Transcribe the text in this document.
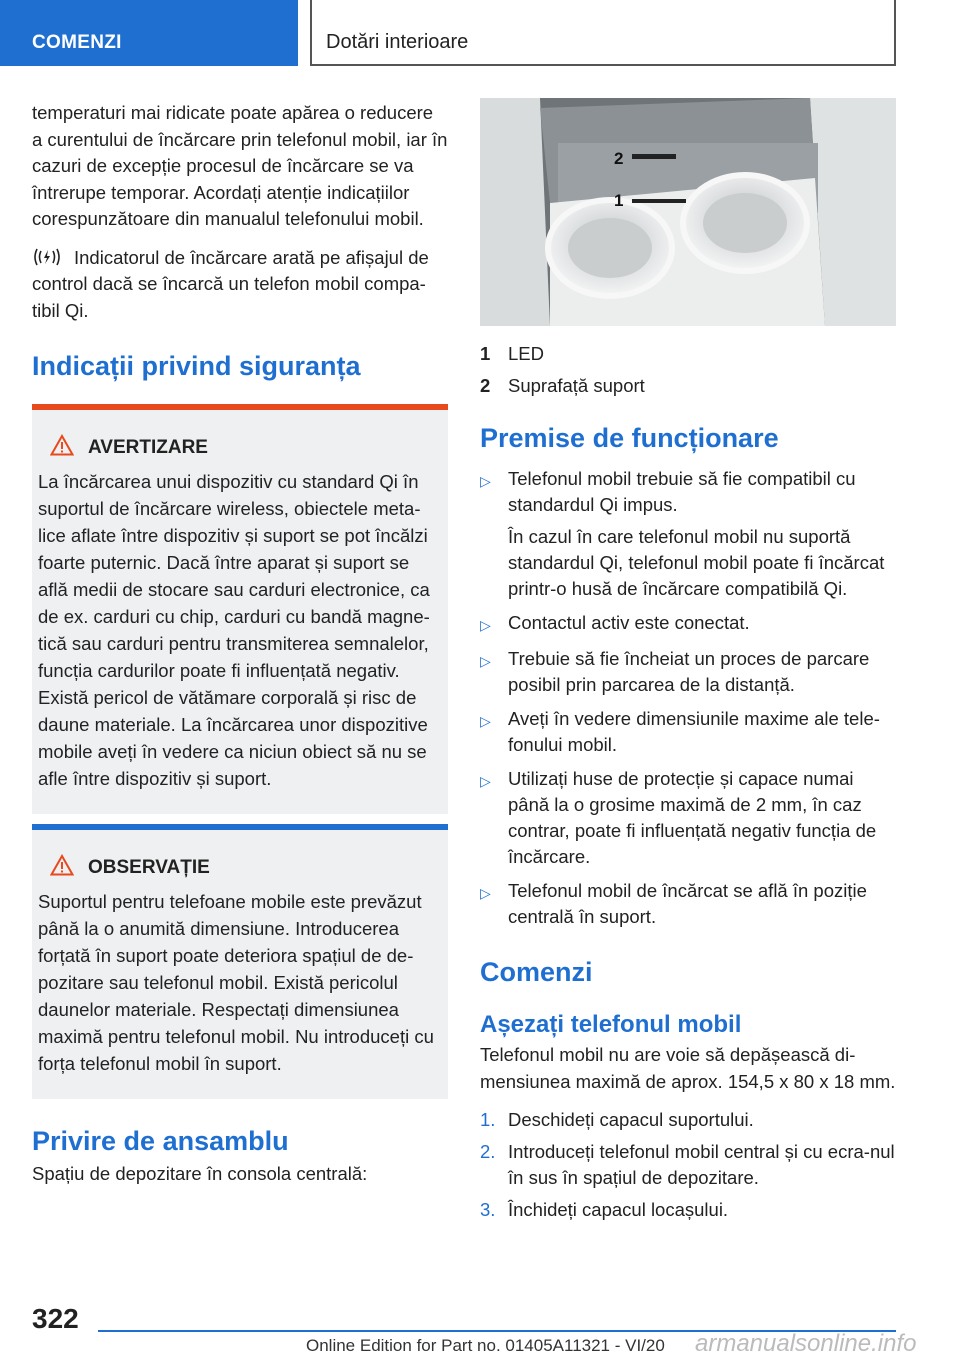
COMENZI	Dotări interioare

temperaturi mai ridicate poate apărea o reducere a curentului de încărcare prin telefonul mobil, iar în cazuri de excepție procesul de încărcare se va întrerupe temporar. Acordați atenție indicațiilor corespunzătoare din manualul telefonului mobil.

Indicatorul de încărcare arată pe afișajul de control dacă se încarcă un telefon mobil compa-tibil Qi.

Indicații privind siguranța
AVERTIZARE

La încărcarea unui dispozitiv cu standard Qi în suportul de încărcare wireless, obiectele meta-lice aflate între dispozitiv și suport se pot încălzi foarte puternic. Dacă între aparat și suport se află medii de stocare sau carduri electronice, ca de ex. carduri cu chip, carduri cu bandă magne-tică sau carduri pentru transmiterea semnalelor, funcția cardurilor poate fi influențată negativ. Există pericol de vătămare corporală și risc de daune materiale. La încărcarea unor dispozitive mobile aveți în vedere ca niciun obiect să nu se afle între dispozitiv și suport.

OBSERVAȚIE

Suportul pentru telefoane mobile este prevăzut până la o anumită dimensiune. Introducerea forțată în suport poate deteriora spațiul de de-pozitare sau telefonul mobil. Există pericolul daunelor materiale. Respectați dimensiunea maximă pentru telefonul mobil. Nu introduceți cu forța telefonul mobil în suport.

Privire de ansamblu

Spațiu de depozitare în consola centrală:

2
1
1 LED
2 Suprafață suport
Premise de funcționare
▷ Telefonul mobil trebuie să fie compatibil cu standardul Qi impus.

În cazul în care telefonul mobil nu suportă standardul Qi, telefonul mobil poate fi încărcat printr-o husă de încărcare compatibilă Qi.

▷ Contactul activ este conectat.
▷ Trebuie să fie încheiat un proces de parcare posibil prin parcarea de la distanță.
▷ Aveți în vedere dimensiunile maxime ale tele-fonului mobil.
▷ Utilizați huse de protecție și capace numai până la o grosime maximă de 2 mm, în caz contrar, poate fi influențată negativ funcția de încărcare.
▷ Telefonul mobil de încărcat se află în poziție centrală în suport.
Comenzi
Așezați telefonul mobil

Telefonul mobil nu are voie să depășească di-mensiunea maximă de aprox. 154,5 x 80 x 18 mm.

1. Deschideți capacul suportului.
2. Introduceți telefonul mobil central și cu ecra-nul în sus în spațiul de depozitare.
3. Închideți capacul locașului.
322
Online Edition for Part no. 01405A11321 - VI/20 armanualsonline.info
